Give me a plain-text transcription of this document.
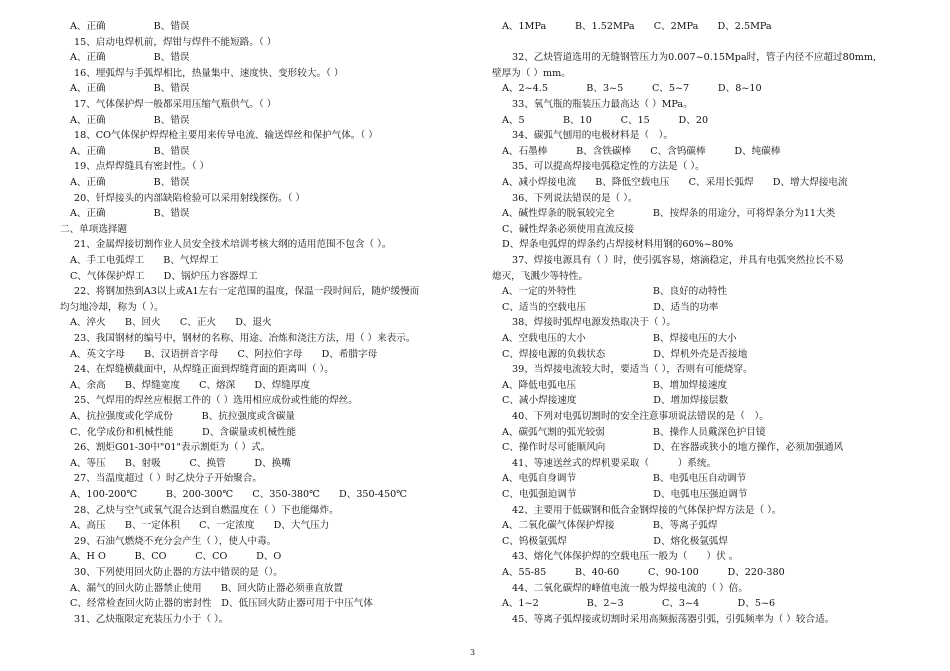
A、正确　　　　　B、错误
15、启动电焊机前，焊钳与焊件不能短路。（ ）
A、正确　　　　　B、错误
16、埋弧焊与手弧焊相比，热量集中、速度快、变形较大。（ ）
A、正确　　　　　B、错误
17、气体保护焊一般都采用压缩气瓶供气。（ ）
A、正确　　　　　B、错误
18、CO气体保护焊焊枪主要用来传导电流、输送焊丝和保护气体。（ ）
A、正确　　　　　B、错误
19、点焊焊缝具有密封性。（ ）
A、正确　　　　　B、错误
20、钎焊接头的内部缺陷检验可以采用射线探伤。（ ）
A、正确　　　　　B、错误
二、单项选择题
21、金属焊接切割作业人员安全技术培训考核大纲的适用范围不包含（ ）。
A、手工电弧焊工　　B、气焊焊工
C、气体保护焊工　　D、锅炉压力容器焊工
22、将钢加热到A3以上或A1左右一定范围的温度，保温一段时间后，随炉缓慢而
均匀地冷却，称为（ ）。
A、淬火　　B、回火　　C、正火　　D、退火
23、我国钢材的编号中，钢材的名称、用途、冶炼和浇注方法，用（ ）来表示。
A、英文字母　　B、汉语拼音字母　　C、阿拉伯字母　　D、希腊字母
24、在焊缝横截面中，从焊缝正面到焊缝背面的距离叫（ ）。
A、余高　　B、焊缝宽度　　C、熔深　　D、焊缝厚度
25、气焊用的焊丝应根据工件的（ ）选用相应成份或性能的焊丝。
A、抗拉强度或化学成份　　　B、抗拉强度或含碳量
C、化学成份和机械性能　　　D、含碳量或机械性能
26、割炬G01-30中"01"表示割炬为（ ）式。
A、等压　　B、射吸　　　C、换管　　　D、换嘴
27、当温度超过（ ）时乙炔分子开始聚合。
A、100-200℃　　　B、200-300℃　　C、350-380℃　　D、350-450℃
28、乙炔与空气或氧气混合达到自燃温度在（ ）下也能爆炸。
A、高压　　B、一定体积　　C、一定浓度　　D、大气压力
29、石油气燃烧不充分会产生（ ），使人中毒。
A、H O　　　B、CO　　　C、CO　　　D、O
30、下列使用回火防止器的方法中错误的是（）。
A、漏气的回火防止器禁止使用　　B、回火防止器必须垂直放置
C、经常检查回火防止器的密封性　D、低压回火防止器可用于中压气体
31、乙炔瓶限定充装压力小于（ ）。
A、1MPa　　　B、1.52MPa　　C、2MPa　　D、2.5MPa
32、乙炔管道选用的无缝钢管压力为0.007~0.15Mpa时，管子内径不应超过80mm,
壁厚为（ ）mm。
A、2~4.5　　　　B、3~5　　　C、5~7　　　D、8~10
33、氧气瓶的瓶装压力最高达（ ）MPa。
A、5　　　　B、10　　　C、15　　　D、20
34、碳弧气刨用的电极材料是（　）。
A、石墨棒　　　B、含铁碳棒　　C、含钨碳棒　　　D、纯碳棒
35、可以提高焊接电弧稳定性的方法是（ ）。
A、减小焊接电流　　B、降低空载电压　　C、采用长弧焊　　D、增大焊接电流
36、下列说法错误的是（ ）。
A、碱性焊条的脱氧较完全　　　　B、按焊条的用途分，可将焊条分为11大类
C、碱性焊条必须使用直流反接
D、焊条电弧焊的焊条约占焊接材料用钢的60%~80%
37、焊接电源具有（ ）时，使引弧容易，熔滴稳定，并具有电弧突然拉长不易
熄灭，飞溅少等特性。
A、一定的外特性　　　　　　　　B、良好的动特性
C、适当的空载电压　　　　　　　D、适当的功率
38、焊接时弧焊电源发热取决于（ ）。
A、空载电压的大小　　　　　　　B、焊接电压的大小
C、焊接电源的负载状态　　　　　D、焊机外壳是否接地
39、当焊接电流较大时，要适当（ ），否则有可能烧穿。
A、降低电弧电压　　　　　　　　B、增加焊接速度
C、减小焊接速度　　　　　　　　D、增加焊接层数
40、下列对电弧切割时的安全注意事项说法错误的是（　）。
A、碳弧气割的弧光较弱　　　　　B、操作人员戴深色护目镜
C、操作时尽可能顺风向　　　　　D、在容器或狭小的地方操作，必须加强通风
41、等速送丝式的焊机要采取（　　　）系统。
A、电弧自身调节　　　　　　　　B、电弧电压自动调节
C、电弧强迫调节　　　　　　　　D、电弧电压强迫调节
42、主要用于低碳钢和低合金钢焊接的气体保护焊方法是（ ）。
A、二氧化碳气体保护焊接　　　　B、等离子弧焊
C、钨极氩弧焊　　　　　　　　　D、熔化极氩弧焊
43、熔化气体保护焊的空载电压一般为（　　）伏 。
A、55-85　　　B、40-60　　　C、90-100　　　D、220-380
44、二氧化碳焊的峰值电流一般为焊接电流的（ ）倍。
A、1~2　　　　　B、2~3　　　　C、3~4　　　　D、5~6
45、等离子弧焊接或切割时采用高频振荡器引弧，引弧频率为（ ）较合适。
3
